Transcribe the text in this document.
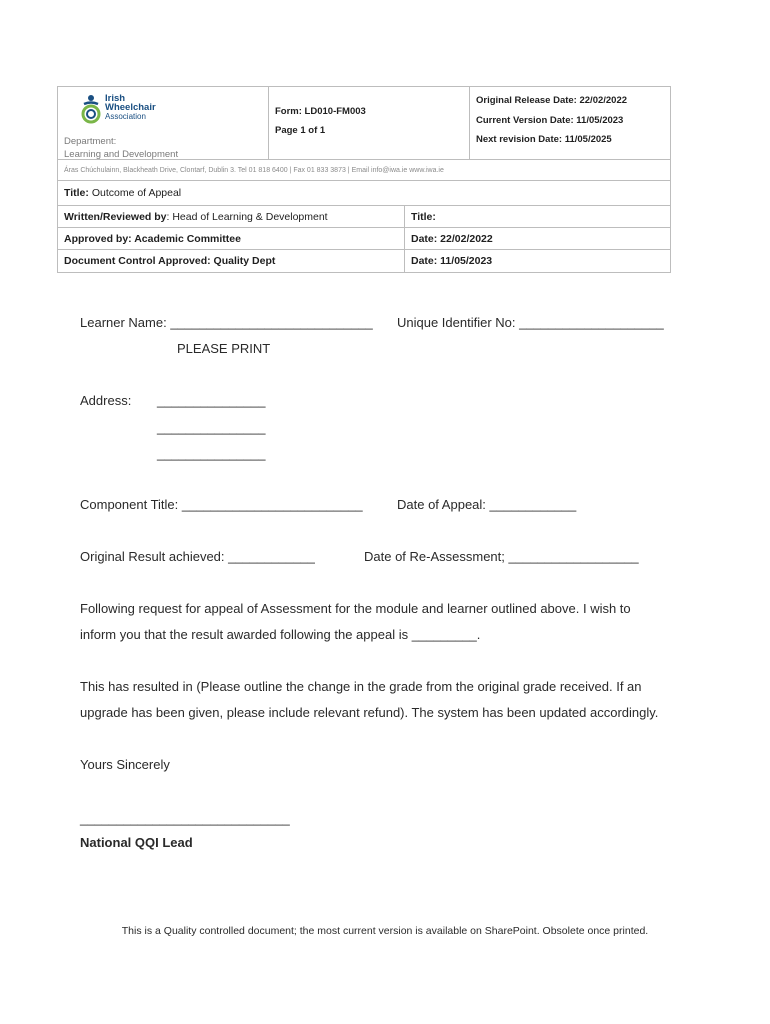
Irish
Wheelchair
Association
Department:
Learning and Development
Form: LD010-FM003
Page 1 of 1
Original Release Date: 22/02/2022
Current Version Date: 11/05/2023
Next revision Date: 11/05/2025
Áras Chúchulainn, Blackheath Drive, Clontarf, Dublin 3. Tel 01 818 6400 | Fax 01 833 3873 | Email info@iwa.ie www.iwa.ie
Title: Outcome of Appeal
Written/Reviewed by: Head of Learning & Development	Title:
Approved by: Academic Committee	Date: 22/02/2022
Document Control Approved: Quality Dept	Date: 11/05/2023
Learner Name: ____________________________ Unique Identifier No: ____________________
PLEASE PRINT
Address: _______________
_______________
_______________
Component Title: _________________________	Date of Appeal: ____________
Original Result achieved: ____________	Date of Re-Assessment; __________________
Following request for appeal of Assessment for the module and learner outlined above. I wish to
inform you that the result awarded following the appeal is _________.
This has resulted in (Please outline the change in the grade from the original grade received. If an
upgrade has been given, please include relevant refund). The system has been updated accordingly.
Yours Sincerely
_____________________________
National QQI Lead
This is a Quality controlled document; the most current version is available on SharePoint. Obsolete once printed.
